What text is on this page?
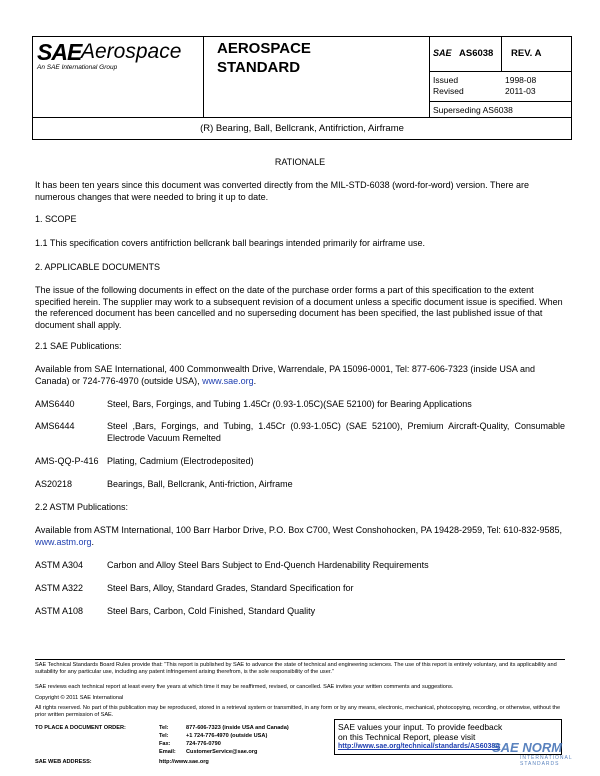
SAE Aerospace
An SAE International Group
AEROSPACE
STANDARD
SAE AS6038 REV. A
Issued	1998-08
Revised	2011-03
Superseding AS6038
(R) Bearing, Ball, Bellcrank, Antifriction, Airframe
RATIONALE
It has been ten years since this document was converted directly from the MIL-STD-6038 (word-for-word) version. There are numerous changes that were needed to bring it up to date.
1. SCOPE
1.1 This specification covers antifriction bellcrank ball bearings intended primarily for airframe use.
2. APPLICABLE DOCUMENTS
The issue of the following documents in effect on the date of the purchase order forms a part of this specification to the extent specified herein. The supplier may work to a subsequent revision of a document unless a specific document issue is specified. When the referenced document has been cancelled and no superseding document has been specified, the last published issue of that document shall apply.
2.1 SAE Publications:
Available from SAE International, 400 Commonwealth Drive, Warrendale, PA 15096-0001, Tel: 877-606-7323 (inside USA and Canada) or 724-776-4970 (outside USA), www.sae.org.
AMS6440	Steel, Bars, Forgings, and Tubing 1.45Cr (0.93-1.05C)(SAE 52100) for Bearing Applications
AMS6444	Steel ,Bars, Forgings, and Tubing, 1.45Cr (0.93-1.05C) (SAE 52100), Premium Aircraft-Quality, Consumable Electrode Vacuum Remelted
AMS-QQ-P-416 Plating, Cadmium (Electrodeposited)
AS20218	Bearings, Ball, Bellcrank, Anti-friction, Airframe
2.2 ASTM Publications:
Available from ASTM International, 100 Barr Harbor Drive, P.O. Box C700, West Conshohocken, PA 19428-2959, Tel: 610-832-9585, www.astm.org.
ASTM A304	Carbon and Alloy Steel Bars Subject to End-Quench Hardenability Requirements
ASTM A322	Steel Bars, Alloy, Standard Grades, Standard Specification for
ASTM A108	Steel Bars, Carbon, Cold Finished, Standard Quality
SAE Technical Standards Board Rules provide that: “This report is published by SAE to advance the state of technical and engineering sciences. The use of this report is entirely voluntary, and its applicability and suitability for any particular use, including any patent infringement arising therefrom, is the sole responsibility of the user.”
SAE reviews each technical report at least every five years at which time it may be reaffirmed, revised, or cancelled. SAE invites your written comments and suggestions.
Copyright © 2011 SAE International
All rights reserved. No part of this publication may be reproduced, stored in a retrieval system or transmitted, in any form or by any means, electronic, mechanical, photocopying, recording, or otherwise, without the prior written permission of SAE.
TO PLACE A DOCUMENT ORDER:	Tel:	877-606-7323 (inside USA and Canada)
Tel:	+1 724-776-4970 (outside USA)
Fax:	724-776-0790
Email: CustomerService@sae.org
SAE WEB ADDRESS:	http://www.sae.org
SAE values your input. To provide feedback
on this Technical Report, please visit
http://www.sae.org/technical/standards/AS6038A
SAE NORM
INTERNATIONAL STANDARDS
